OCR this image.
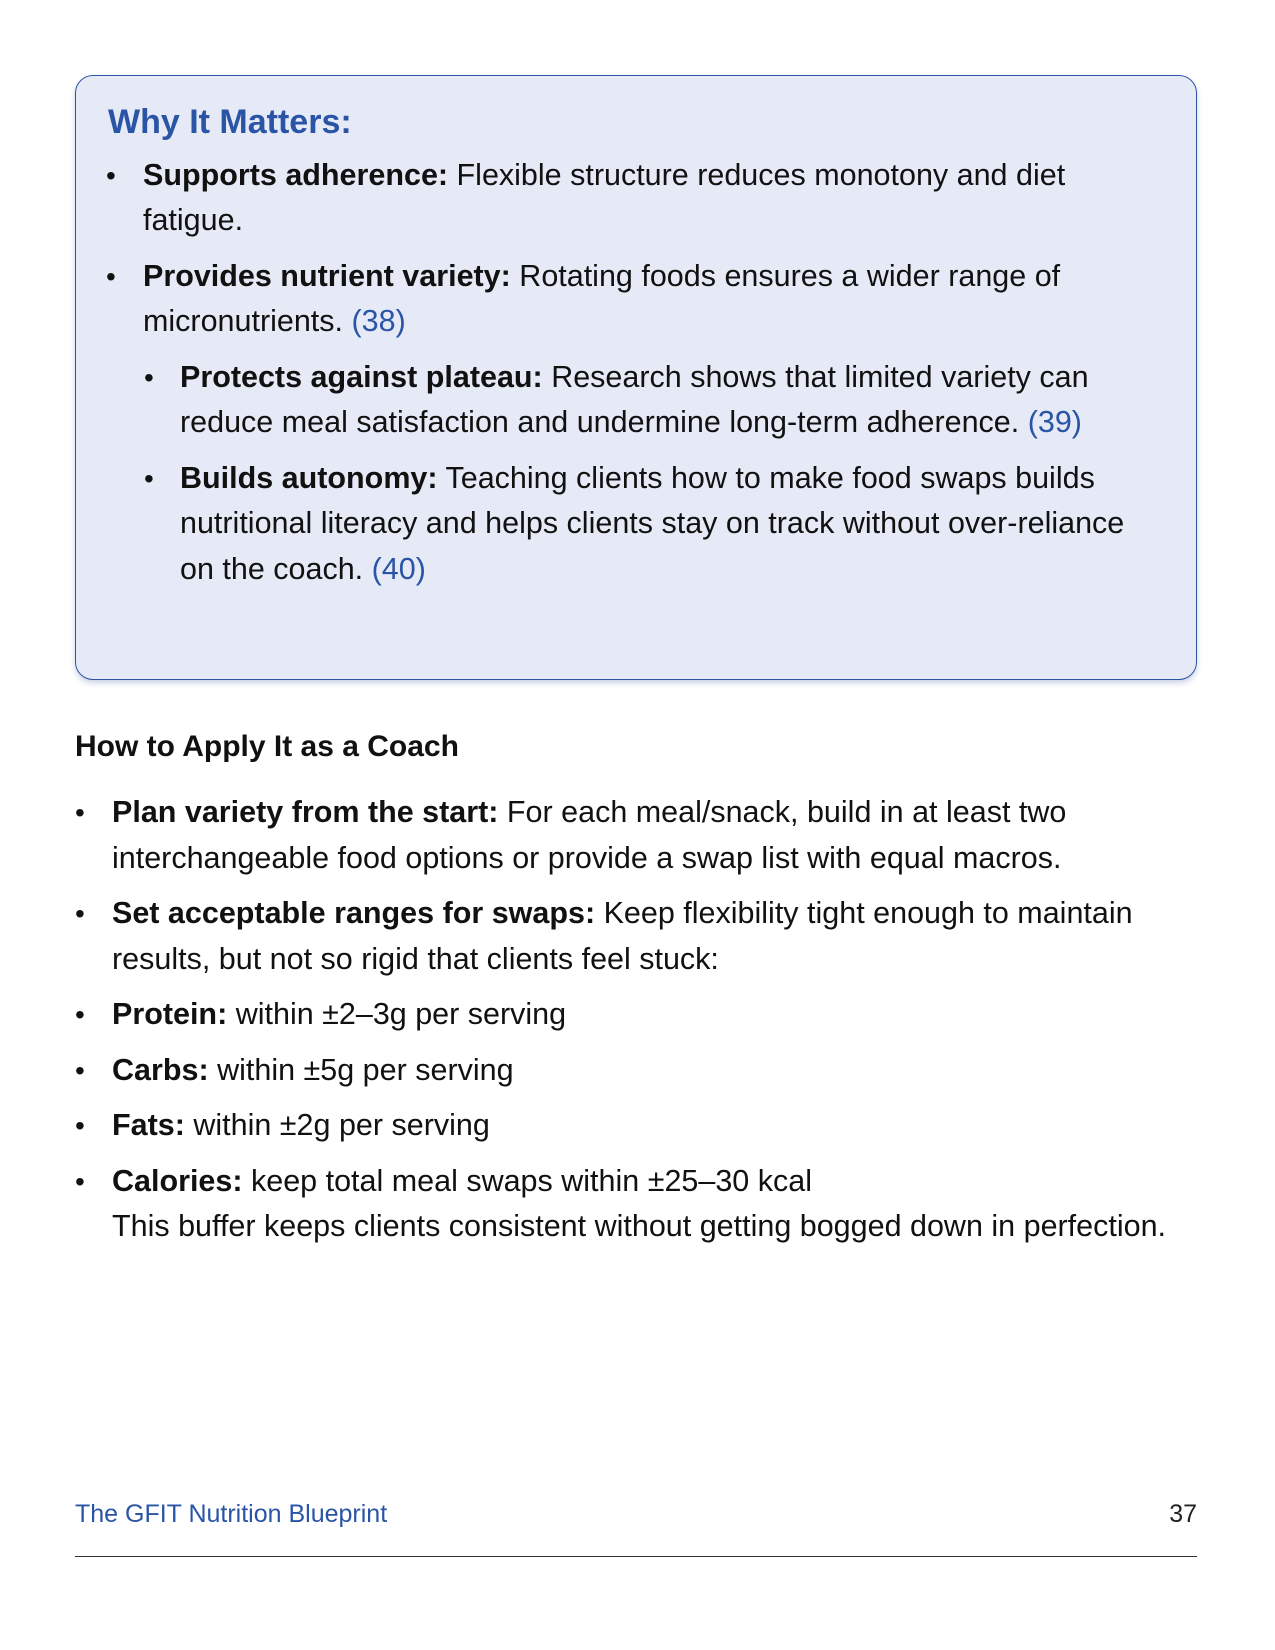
Why It Matters:
• Supports adherence: Flexible structure reduces monotony and diet fatigue.
• Provides nutrient variety: Rotating foods ensures a wider range of micronutrients. (38)
• Protects against plateau: Research shows that limited variety can reduce meal satisfaction and undermine long-term adherence. (39)
• Builds autonomy: Teaching clients how to make food swaps builds nutritional literacy and helps clients stay on track without over-reliance on the coach. (40)
How to Apply It as a Coach
• Plan variety from the start: For each meal/snack, build in at least two interchangeable food options or provide a swap list with equal macros.
• Set acceptable ranges for swaps: Keep flexibility tight enough to maintain results, but not so rigid that clients feel stuck:
• Protein: within ±2–3g per serving
• Carbs: within ±5g per serving
• Fats: within ±2g per serving
• Calories: keep total meal swaps within ±25–30 kcal
This buffer keeps clients consistent without getting bogged down in perfection.
The GFIT Nutrition Blueprint	37
